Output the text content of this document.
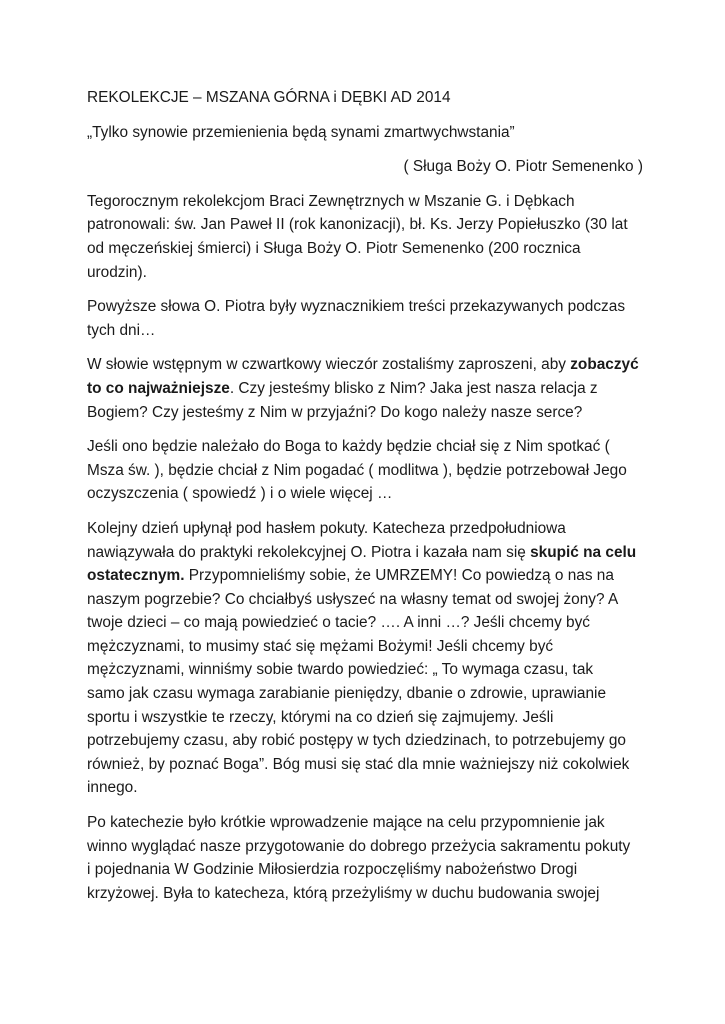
REKOLEKCJE – MSZANA GÓRNA i DĘBKI AD 2014
„Tylko synowie przemienienia będą synami zmartwychwstania”
( Sługa Boży O. Piotr Semenenko )
Tegorocznym rekolekcjom Braci Zewnętrznych w Mszanie G. i Dębkach
patronowali: św. Jan Paweł II (rok kanonizacji), bł. Ks. Jerzy Popiełuszko (30 lat
od męczeńskiej śmierci) i Sługa Boży O. Piotr Semenenko (200 rocznica
urodzin).
Powyższe słowa O. Piotra były wyznacznikiem treści przekazywanych podczas
tych dni…
W słowie wstępnym w czwartkowy wieczór zostaliśmy zaproszeni, aby zobaczyć
to co najważniejsze. Czy jesteśmy blisko z Nim? Jaka jest nasza relacja z
Bogiem? Czy jesteśmy z Nim w przyjaźni? Do kogo należy nasze serce?
Jeśli ono będzie należało do Boga to każdy będzie chciał się z Nim spotkać (
Msza św. ), będzie chciał z Nim pogadać ( modlitwa ), będzie potrzebował Jego
oczyszczenia ( spowiedź ) i o wiele więcej …
Kolejny dzień upłynął pod hasłem pokuty. Katecheza przedpołudniowa
nawiązywała do praktyki rekolekcyjnej O. Piotra i kazała nam się skupić na celu
ostatecznym. Przypomnieliśmy sobie, że UMRZEMY! Co powiedzą o nas na
naszym pogrzebie? Co chciałbyś usłyszeć na własny temat od swojej żony? A
twoje dzieci – co mają powiedzieć o tacie? …. A inni …? Jeśli chcemy być
mężczyznami, to musimy stać się mężami Bożymi! Jeśli chcemy być
mężczyznami, winniśmy sobie twardo powiedzieć: „ To wymaga czasu, tak
samo jak czasu wymaga zarabianie pieniędzy, dbanie o zdrowie, uprawianie
sportu i wszystkie te rzeczy, którymi na co dzień się zajmujemy. Jeśli
potrzebujemy czasu, aby robić postępy w tych dziedzinach, to potrzebujemy go
również, by poznać Boga”. Bóg musi się stać dla mnie ważniejszy niż cokolwiek
innego.
Po katechezie było krótkie wprowadzenie mające na celu przypomnienie jak
winno wyglądać nasze przygotowanie do dobrego przeżycia sakramentu pokuty
i pojednania W Godzinie Miłosierdzia rozpoczęliśmy nabożeństwo Drogi
krzyżowej. Była to katecheza, którą przeżyliśmy w duchu budowania swojej
